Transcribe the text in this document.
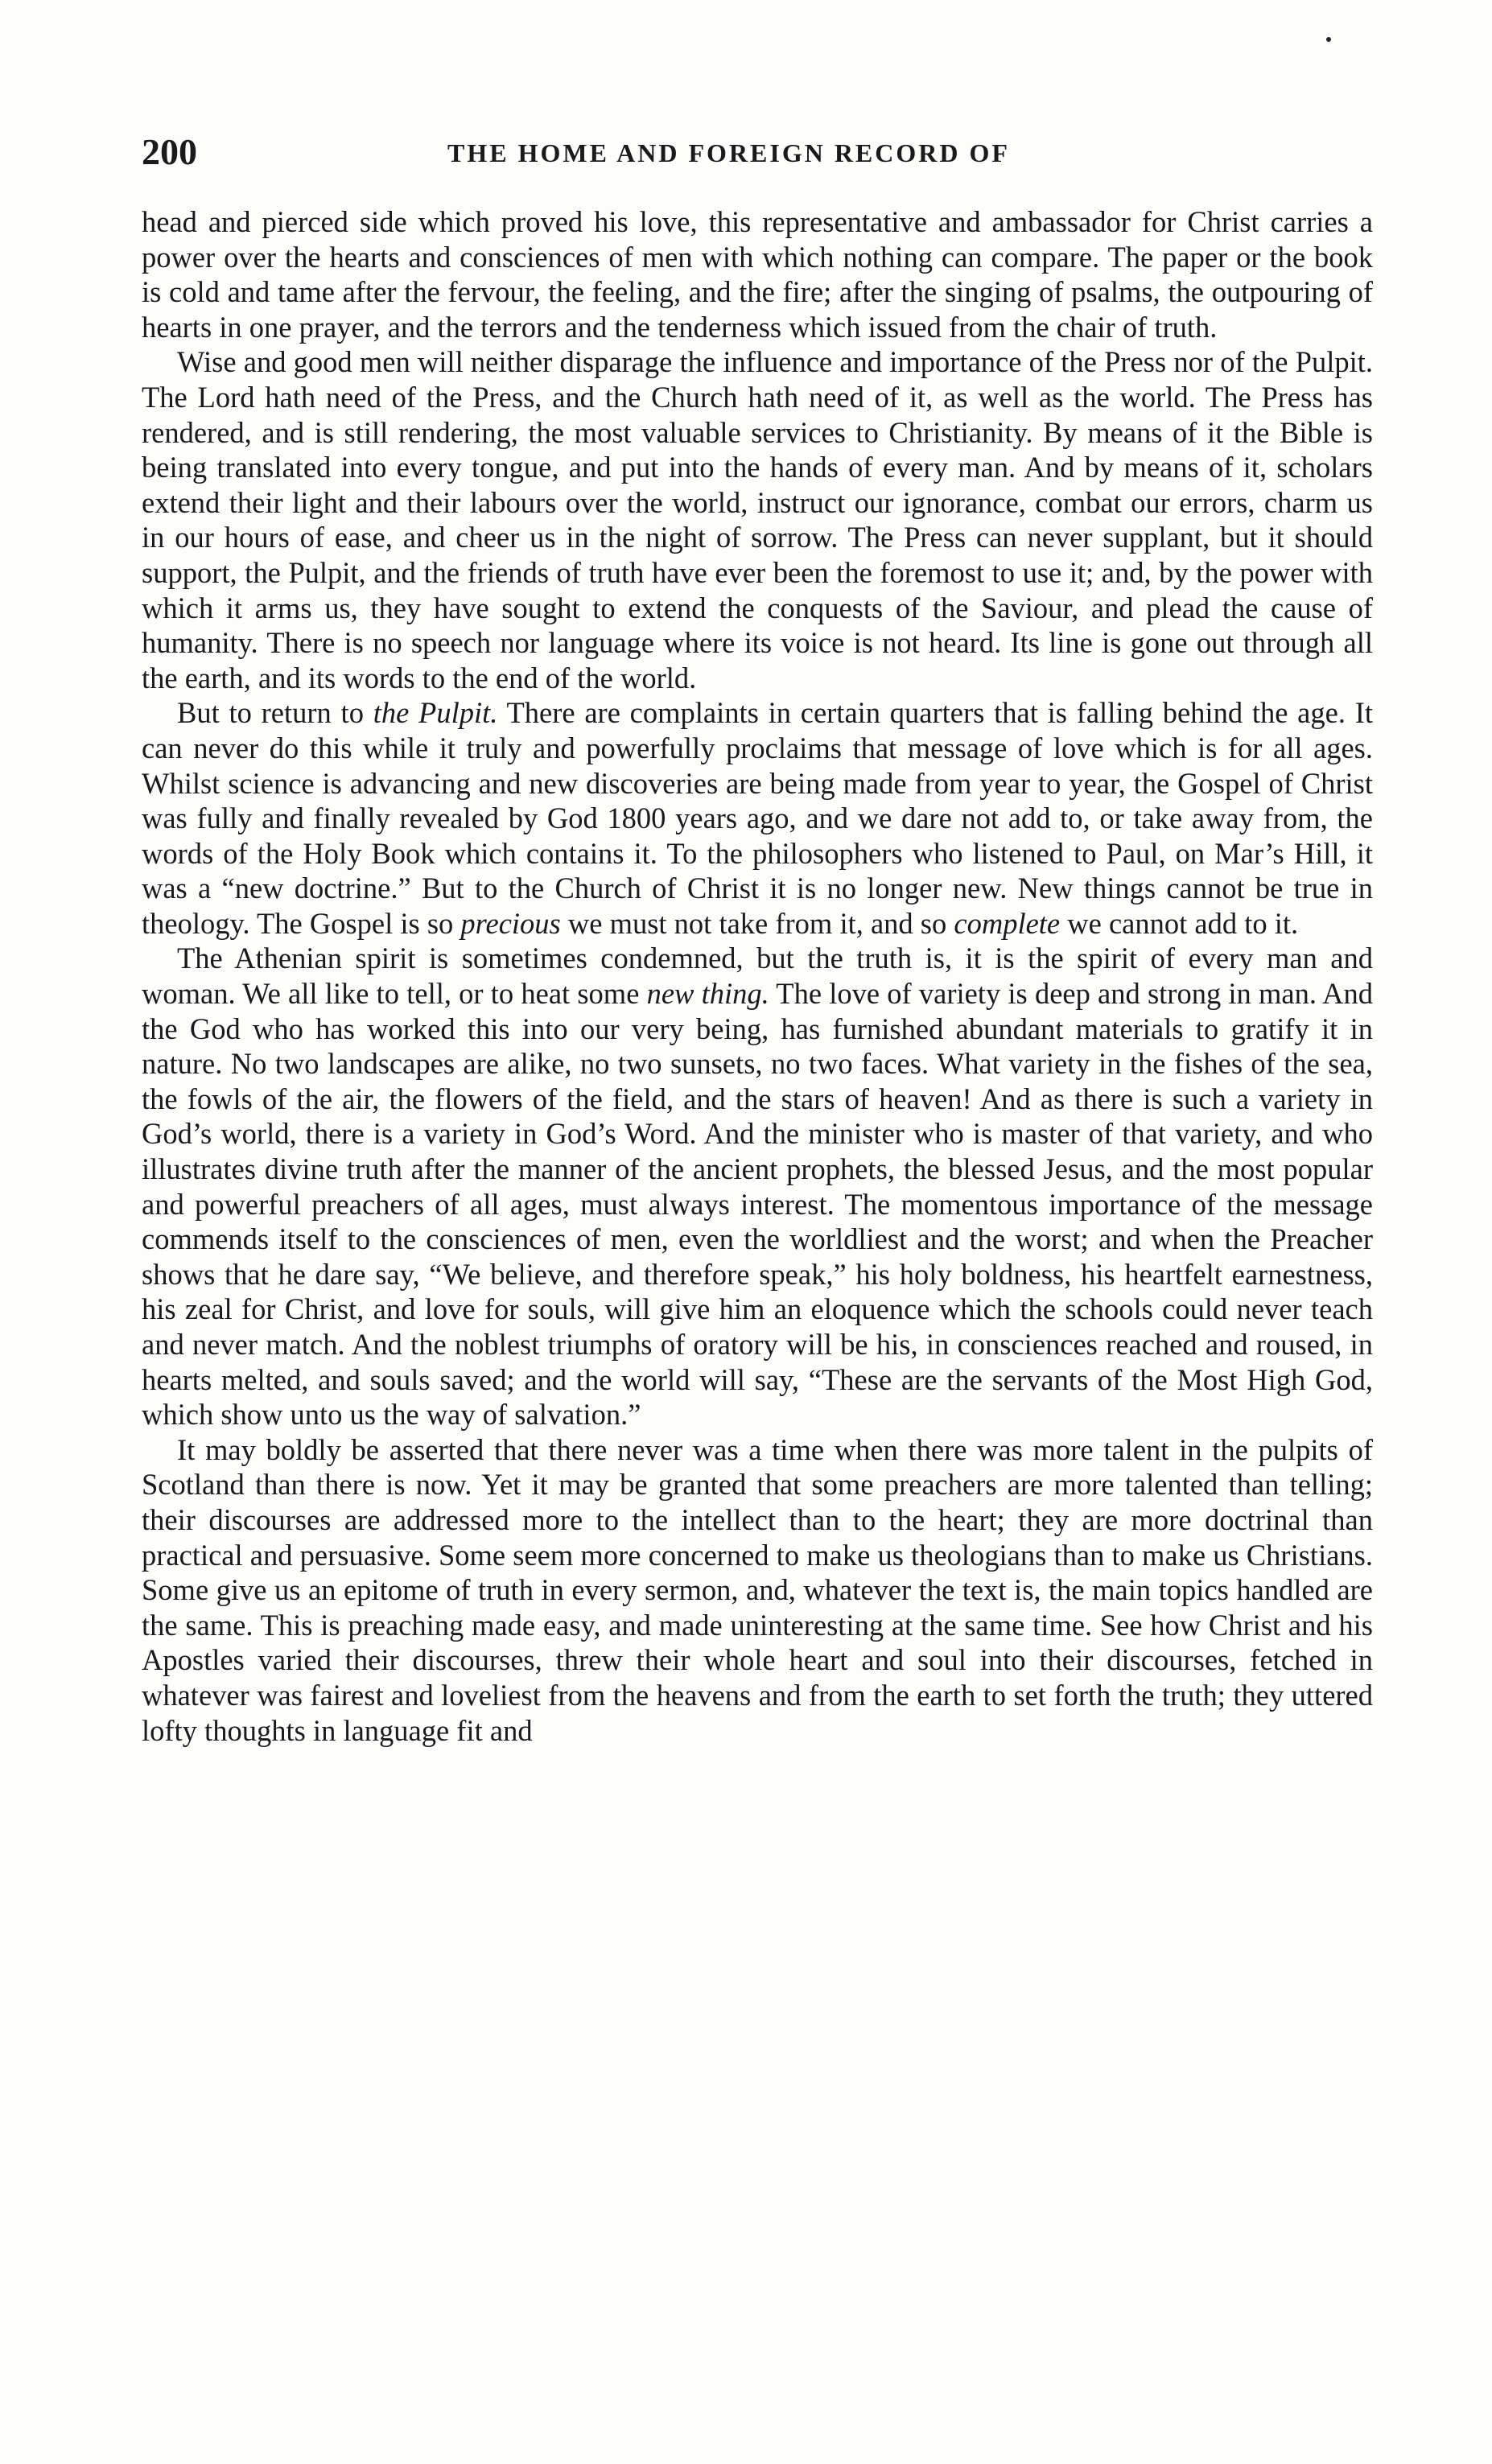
200	THE HOME AND FOREIGN RECORD OF

head and pierced side which proved his love, this representative and ambassador for Christ carries a power over the hearts and consciences of men with which nothing can compare. The paper or the book is cold and tame after the fervour, the feeling, and the fire; after the singing of psalms, the outpouring of hearts in one prayer, and the terrors and the tenderness which issued from the chair of truth.

Wise and good men will neither disparage the influence and importance of the Press nor of the Pulpit. The Lord hath need of the Press, and the Church hath need of it, as well as the world. The Press has rendered, and is still rendering, the most valuable services to Christianity. By means of it the Bible is being translated into every tongue, and put into the hands of every man. And by means of it, scholars extend their light and their labours over the world, instruct our ignorance, combat our errors, charm us in our hours of ease, and cheer us in the night of sorrow. The Press can never supplant, but it should support, the Pulpit, and the friends of truth have ever been the foremost to use it; and, by the power with which it arms us, they have sought to extend the conquests of the Saviour, and plead the cause of humanity. There is no speech nor language where its voice is not heard. Its line is gone out through all the earth, and its words to the end of the world.

But to return to the Pulpit. There are complaints in certain quarters that is falling behind the age. It can never do this while it truly and powerfully proclaims that message of love which is for all ages. Whilst science is advancing and new discoveries are being made from year to year, the Gospel of Christ was fully and finally revealed by God 1800 years ago, and we dare not add to, or take away from, the words of the Holy Book which contains it. To the philosophers who listened to Paul, on Mar’s Hill, it was a “new doctrine.” But to the Church of Christ it is no longer new. New things cannot be true in theology. The Gospel is so precious we must not take from it, and so complete we cannot add to it.

The Athenian spirit is sometimes condemned, but the truth is, it is the spirit of every man and woman. We all like to tell, or to heat some new thing. The love of variety is deep and strong in man. And the God who has worked this into our very being, has furnished abundant materials to gratify it in nature. No two landscapes are alike, no two sunsets, no two faces. What variety in the fishes of the sea, the fowls of the air, the flowers of the field, and the stars of heaven! And as there is such a variety in God’s world, there is a variety in God’s Word. And the minister who is master of that variety, and who illustrates divine truth after the manner of the ancient prophets, the blessed Jesus, and the most popular and powerful preachers of all ages, must always interest. The momentous importance of the message commends itself to the consciences of men, even the worldliest and the worst; and when the Preacher shows that he dare say, “We believe, and therefore speak,” his holy boldness, his heartfelt earnestness, his zeal for Christ, and love for souls, will give him an eloquence which the schools could never teach and never match. And the noblest triumphs of oratory will be his, in consciences reached and roused, in hearts melted, and souls saved; and the world will say, “These are the servants of the Most High God, which show unto us the way of salvation.”

It may boldly be asserted that there never was a time when there was more talent in the pulpits of Scotland than there is now. Yet it may be granted that some preachers are more talented than telling; their discourses are addressed more to the intellect than to the heart; they are more doctrinal than practical and persuasive. Some seem more concerned to make us theologians than to make us Christians. Some give us an epitome of truth in every sermon, and, whatever the text is, the main topics handled are the same. This is preaching made easy, and made uninteresting at the same time. See how Christ and his Apostles varied their discourses, threw their whole heart and soul into their discourses, fetched in whatever was fairest and loveliest from the heavens and from the earth to set forth the truth; they uttered lofty thoughts in language fit and
